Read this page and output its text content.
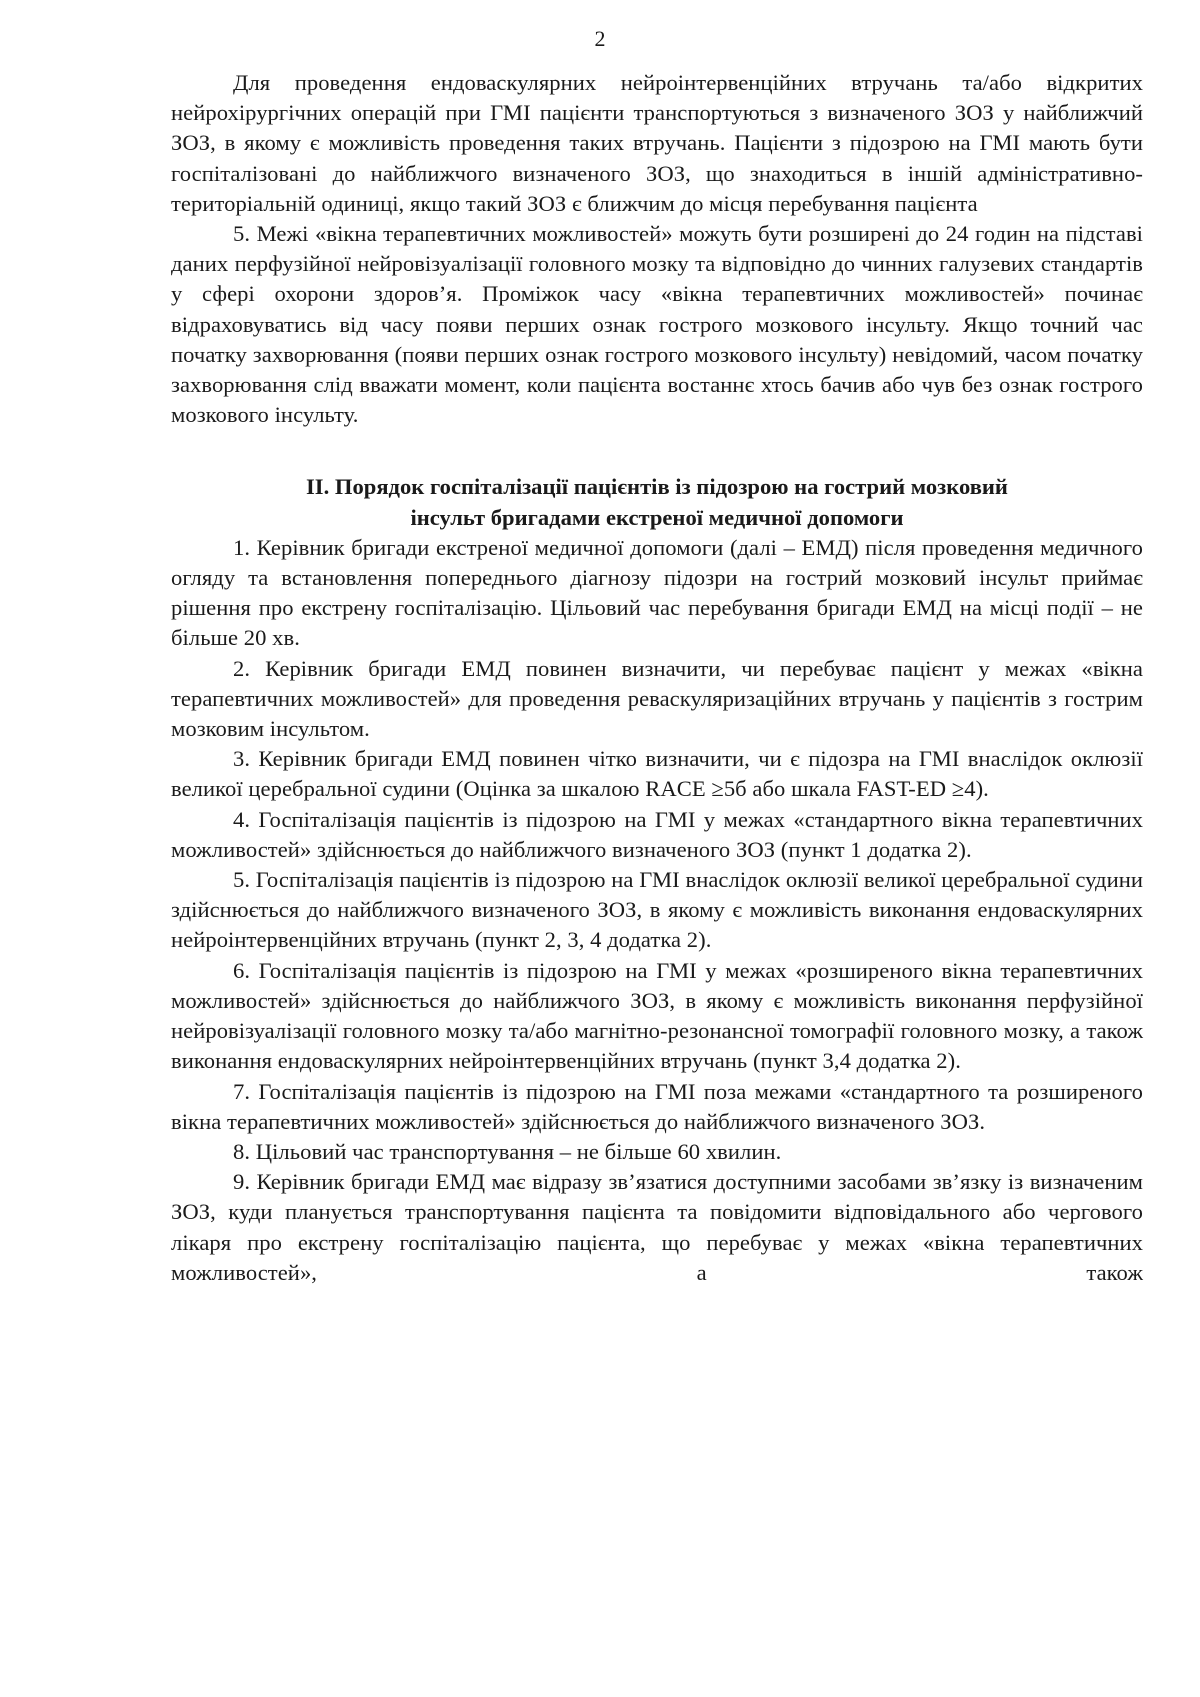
2

Для проведення ендоваскулярних нейроінтервенційних втручань та/або відкритих нейрохірургічних операцій при ГМІ пацієнти транспортуються з визначеного ЗОЗ у найближчий ЗОЗ, в якому є можливість проведення таких втручань. Пацієнти з підозрою на ГМІ мають бути госпіталізовані до найближчого визначеного ЗОЗ, що знаходиться в іншій адміністративно-територіальній одиниці, якщо такий ЗОЗ є ближчим до місця перебування пацієнта

5. Межі «вікна терапевтичних можливостей» можуть бути розширені до 24 годин на підставі даних перфузійної нейровізуалізації головного мозку та відповідно до чинних галузевих стандартів у сфері охорони здоров’я. Проміжок часу «вікна терапевтичних можливостей» починає відраховуватись від часу появи перших ознак гострого мозкового інсульту. Якщо точний час початку захворювання (появи перших ознак гострого мозкового інсульту) невідомий, часом початку захворювання слід вважати момент, коли пацієнта востаннє хтось бачив або чув без ознак гострого мозкового інсульту.

II. Порядок госпіталізації пацієнтів із підозрою на гострий мозковий
інсульт бригадами екстреної медичної допомоги

1. Керівник бригади екстреної медичної допомоги (далі – ЕМД) після проведення медичного огляду та встановлення попереднього діагнозу підозри на гострий мозковий інсульт приймає рішення про екстрену госпіталізацію. Цільовий час перебування бригади ЕМД на місці події – не більше 20 хв.

2. Керівник бригади ЕМД повинен визначити, чи перебуває пацієнт у межах «вікна терапевтичних можливостей» для проведення реваскуляризаційних втручань у пацієнтів з гострим мозковим інсультом.

3. Керівник бригади ЕМД повинен чітко визначити, чи є підозра на ГМІ внаслідок оклюзії великої церебральної судини (Оцінка за шкалою RACE ≥5б або шкала FAST-ED ≥4).

4. Госпіталізація пацієнтів із підозрою на ГМІ у межах «стандартного вікна терапевтичних можливостей» здійснюється до найближчого визначеного ЗОЗ (пункт 1 додатка 2).

5. Госпіталізація пацієнтів із підозрою на ГМІ внаслідок оклюзії великої церебральної судини здійснюється до найближчого визначеного ЗОЗ, в якому є можливість виконання ендоваскулярних нейроінтервенційних втручань (пункт 2, 3, 4 додатка 2).

6. Госпіталізація пацієнтів із підозрою на ГМІ у межах «розширеного вікна терапевтичних можливостей» здійснюється до найближчого ЗОЗ, в якому є можливість виконання перфузійної нейровізуалізації головного мозку та/або магнітно-резонансної томографії головного мозку, а також виконання ендоваскулярних нейроінтервенційних втручань (пункт 3,4 додатка 2).

7. Госпіталізація пацієнтів із підозрою на ГМІ поза межами «стандартного та розширеного вікна терапевтичних можливостей» здійснюється до найближчого визначеного ЗОЗ.

8. Цільовий час транспортування – не більше 60 хвилин.

9. Керівник бригади ЕМД має відразу зв’язатися доступними засобами зв’язку із визначеним ЗОЗ, куди планується транспортування пацієнта та повідомити відповідального або чергового лікаря про екстрену госпіталізацію пацієнта, що перебуває у межах «вікна терапевтичних можливостей», а також
